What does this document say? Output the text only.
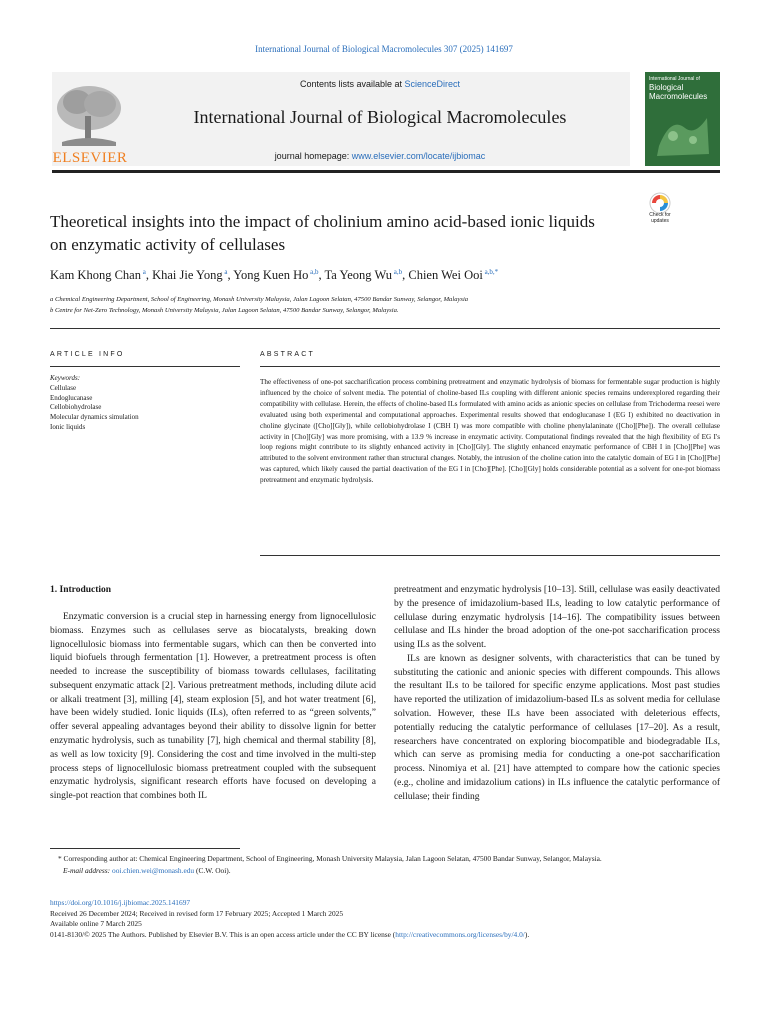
International Journal of Biological Macromolecules 307 (2025) 141697
ELSEVIER
Contents lists available at ScienceDirect
International Journal of Biological Macromolecules
journal homepage: www.elsevier.com/locate/ijbiomac
International Journal of
Biological Macromolecules
Theoretical insights into the impact of cholinium amino acid-based ionic liquids on enzymatic activity of cellulases
Check for updates
Kam Khong Chan $^a$, Khai Jie Yong $^a$, Yong Kuen Ho $^{a,b}$, Ta Yeong Wu $^{a,b}$, Chien Wei Ooi $^{a,b,*}$
a Chemical Engineering Department, School of Engineering, Monash University Malaysia, Jalan Lagoon Selatan, 47500 Bandar Sunway, Selangor, Malaysia
b Centre for Net-Zero Technology, Monash University Malaysia, Jalan Lagoon Selatan, 47500 Bandar Sunway, Selangor, Malaysia.
ARTICLE INFO	ABSTRACT
Keywords:
Cellulase
Endoglucanase
Cellobiohydrolase
Molecular dynamics simulation
Ionic liquids
The effectiveness of one-pot saccharification process combining pretreatment and enzymatic hydrolysis of biomass for fermentable sugar production is highly influenced by the choice of solvent media. The potential of choline-based ILs coupling with different anionic species remains underexplored regarding their compatibility with cellulase. Herein, the effects of choline-based ILs formulated with amino acids as anionic species on cellulase from Trichoderma reesei were evaluated using both experimental and computational approaches. Experimental results showed that endoglucanase I (EG I) exhibited no deactivation in choline glycinate ([Cho][Gly]), while cellobiohydrolase I (CBH I) was more compatible with choline phenylalaninate ([Cho][Phe]). The overall cellulase activity in [Cho][Gly] was more promising, with a 13.9 % increase in enzymatic activity. Computational findings revealed that the high flexibility of EG I's loop regions might contribute to its slightly enhanced activity in [Cho][Gly]. The slightly enhanced enzymatic performance of CBH I in [Cho][Phe] was attributed to the solvent environment rather than structural changes. Notably, the intrusion of the choline cation into the catalytic domain of EG I in [Cho][Phe] was captured, which likely caused the partial deactivation of the EG I in [Cho][Phe]. [Cho][Gly] holds considerable potential as a solvent for one-pot biomass pretreatment and enzymatic hydrolysis.
1. Introduction

Enzymatic conversion is a crucial step in harnessing energy from lignocellulosic biomass. Enzymes such as cellulases serve as biocatalysts, breaking down lignocellulosic biomass into fermentable sugars, which can then be converted into liquid biofuels through fermentation [1]. However, a pretreatment process is often needed to increase the susceptibility of biomass towards cellulases, facilitating subsequent enzymatic attack [2]. Various pretreatment methods, including dilute acid or alkali treatment [3], milling [4], steam explosion [5], and hot water treatment [6], have been widely studied. Ionic liquids (ILs), often referred to as “green solvents,” offer several appealing advantages beyond their ability to dissolve lignin for better enzymatic hydrolysis, such as tunability [7], high chemical and thermal stability [8], as well as low toxicity [9]. Considering the cost and time involved in the multi-step process steps of lignocellulosic biomass pretreatment coupled with the subsequent enzymatic hydrolysis, significant research efforts have focused on developing a single-pot reaction that combines both IL

pretreatment and enzymatic hydrolysis [10–13]. Still, cellulase was easily deactivated by the presence of imidazolium-based ILs, leading to low catalytic performance of cellulase during enzymatic hydrolysis [14–16]. The compatibility issues between cellulase and ILs hinder the broad adoption of the one-pot saccharification process using ILs as the solvent.

ILs are known as designer solvents, with characteristics that can be tuned by substituting the cationic and anionic species with different compounds. This allows the resultant ILs to be tailored for specific enzyme applications. Most past studies have reported the utilization of imidazolium-based ILs as solvent media for cellulase solvation. However, these ILs have been associated with deleterious effects, potentially reducing the catalytic performance of cellulases [17–20]. As a result, researchers have concentrated on exploring biocompatible and biodegradable ILs, which can serve as promising media for conducting a one-pot saccharification process. Ninomiya et al. [21] have attempted to compare how the cationic species (e.g., choline and imidazolium cations) in ILs influence the catalytic performance of cellulase; their finding

* Corresponding author at: Chemical Engineering Department, School of Engineering, Monash University Malaysia, Jalan Lagoon Selatan, 47500 Bandar Sunway, Selangor, Malaysia.
E-mail address: ooi.chien.wei@monash.edu (C.W. Ooi).
https://doi.org/10.1016/j.ijbiomac.2025.141697
Received 26 December 2024; Received in revised form 17 February 2025; Accepted 1 March 2025
Available online 7 March 2025
0141-8130/© 2025 The Authors. Published by Elsevier B.V. This is an open access article under the CC BY license (http://creativecommons.org/licenses/by/4.0/).
